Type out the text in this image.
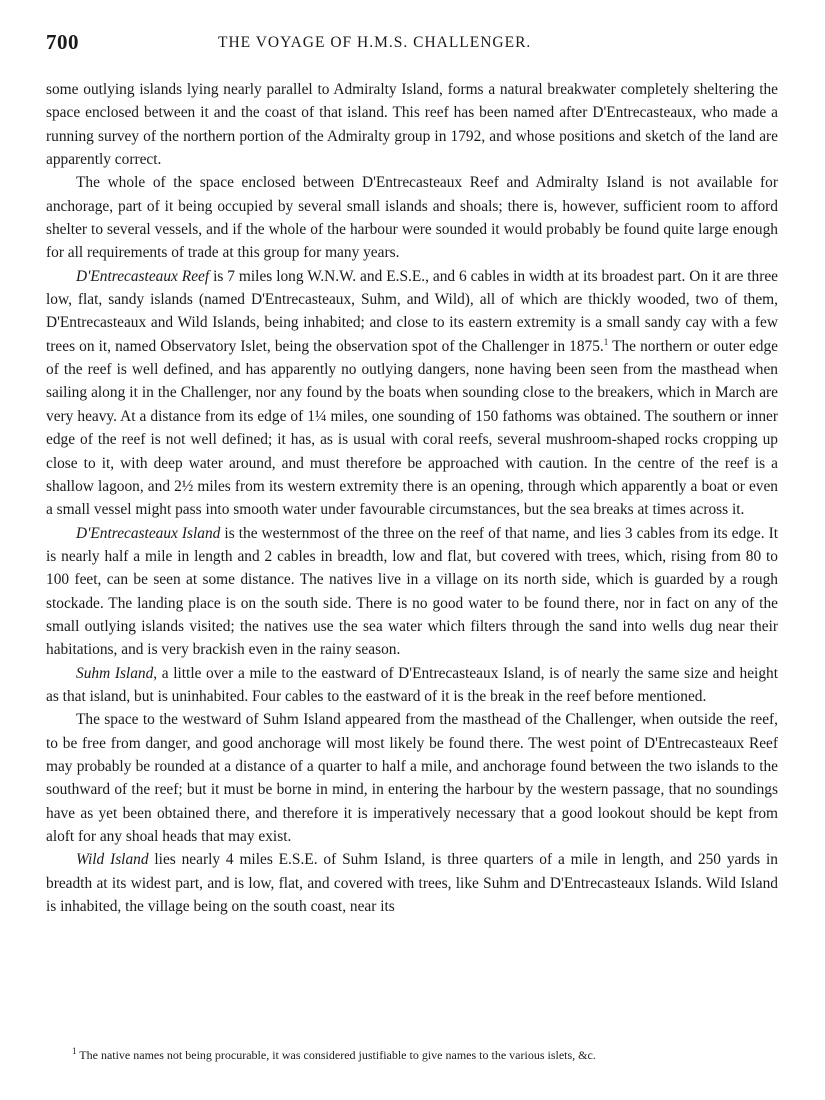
700	THE VOYAGE OF H.M.S. CHALLENGER.

some outlying islands lying nearly parallel to Admiralty Island, forms a natural breakwater completely sheltering the space enclosed between it and the coast of that island. This reef has been named after D'Entrecasteaux, who made a running survey of the northern portion of the Admiralty group in 1792, and whose positions and sketch of the land are apparently correct.

The whole of the space enclosed between D'Entrecasteaux Reef and Admiralty Island is not available for anchorage, part of it being occupied by several small islands and shoals; there is, however, sufficient room to afford shelter to several vessels, and if the whole of the harbour were sounded it would probably be found quite large enough for all requirements of trade at this group for many years.

D'Entrecasteaux Reef is 7 miles long W.N.W. and E.S.E., and 6 cables in width at its broadest part. On it are three low, flat, sandy islands (named D'Entrecasteaux, Suhm, and Wild), all of which are thickly wooded, two of them, D'Entrecasteaux and Wild Islands, being inhabited; and close to its eastern extremity is a small sandy cay with a few trees on it, named Observatory Islet, being the observation spot of the Challenger in 1875.$^1$ The northern or outer edge of the reef is well defined, and has apparently no outlying dangers, none having been seen from the masthead when sailing along it in the Challenger, nor any found by the boats when sounding close to the breakers, which in March are very heavy. At a distance from its edge of 1¼ miles, one sounding of 150 fathoms was obtained. The southern or inner edge of the reef is not well defined; it has, as is usual with coral reefs, several mushroom-shaped rocks cropping up close to it, with deep water around, and must therefore be approached with caution. In the centre of the reef is a shallow lagoon, and 2½ miles from its western extremity there is an opening, through which apparently a boat or even a small vessel might pass into smooth water under favourable circumstances, but the sea breaks at times across it.

D'Entrecasteaux Island is the westernmost of the three on the reef of that name, and lies 3 cables from its edge. It is nearly half a mile in length and 2 cables in breadth, low and flat, but covered with trees, which, rising from 80 to 100 feet, can be seen at some distance. The natives live in a village on its north side, which is guarded by a rough stockade. The landing place is on the south side. There is no good water to be found there, nor in fact on any of the small outlying islands visited; the natives use the sea water which filters through the sand into wells dug near their habitations, and is very brackish even in the rainy season.

Suhm Island, a little over a mile to the eastward of D'Entrecasteaux Island, is of nearly the same size and height as that island, but is uninhabited. Four cables to the eastward of it is the break in the reef before mentioned.

The space to the westward of Suhm Island appeared from the masthead of the Challenger, when outside the reef, to be free from danger, and good anchorage will most likely be found there. The west point of D'Entrecasteaux Reef may probably be rounded at a distance of a quarter to half a mile, and anchorage found between the two islands to the southward of the reef; but it must be borne in mind, in entering the harbour by the western passage, that no soundings have as yet been obtained there, and therefore it is imperatively necessary that a good lookout should be kept from aloft for any shoal heads that may exist.

Wild Island lies nearly 4 miles E.S.E. of Suhm Island, is three quarters of a mile in length, and 250 yards in breadth at its widest part, and is low, flat, and covered with trees, like Suhm and D'Entrecasteaux Islands. Wild Island is inhabited, the village being on the south coast, near its

$^1$ The native names not being procurable, it was considered justifiable to give names to the various islets, &c.
